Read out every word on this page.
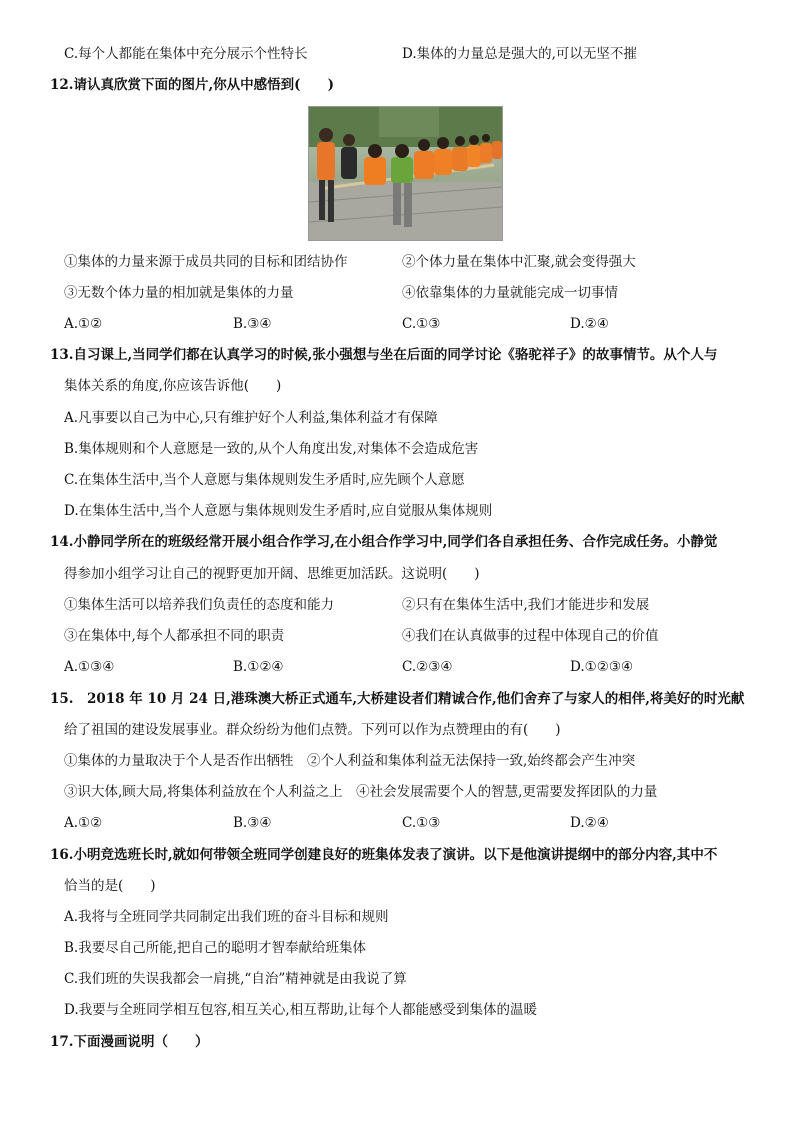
C.每个人都能在集体中充分展示个性特长	D.集体的力量总是强大的,可以无坚不摧
12.请认真欣赏下面的图片,你从中感悟到(　　)
①集体的力量来源于成员共同的目标和团结协作	②个体力量在集体中汇聚,就会变得强大
③无数个体力量的相加就是集体的力量	④依靠集体的力量就能完成一切事情
A.①②	B.③④	C.①③	D.②④
13.自习课上,当同学们都在认真学习的时候,张小强想与坐在后面的同学讨论《骆驼祥子》的故事情节。从个人与
集体关系的角度,你应该告诉他(　　)
A.凡事要以自己为中心,只有维护好个人利益,集体利益才有保障
B.集体规则和个人意愿是一致的,从个人角度出发,对集体不会造成危害
C.在集体生活中,当个人意愿与集体规则发生矛盾时,应先顾个人意愿
D.在集体生活中,当个人意愿与集体规则发生矛盾时,应自觉服从集体规则
14.小静同学所在的班级经常开展小组合作学习,在小组合作学习中,同学们各自承担任务、合作完成任务。小静觉
得参加小组学习让自己的视野更加开阔、思维更加活跃。这说明(　　)
①集体生活可以培养我们负责任的态度和能力	②只有在集体生活中,我们才能进步和发展
③在集体中,每个人都承担不同的职责	④我们在认真做事的过程中体现自己的价值
A.①③④	B.①②④	C.②③④	D.①②③④
15.　2018 年 10 月 24 日,港珠澳大桥正式通车,大桥建设者们精诚合作,他们舍弃了与家人的相伴,将美好的时光献
给了祖国的建设发展事业。群众纷纷为他们点赞。下列可以作为点赞理由的有(　　)
①集体的力量取决于个人是否作出牺牲　②个人利益和集体利益无法保持一致,始终都会产生冲突
③识大体,顾大局,将集体利益放在个人利益之上　④社会发展需要个人的智慧,更需要发挥团队的力量
A.①②	B.③④	C.①③	D.②④
16.小明竞选班长时,就如何带领全班同学创建良好的班集体发表了演讲。以下是他演讲提纲中的部分内容,其中不
恰当的是(　　)
A.我将与全班同学共同制定出我们班的奋斗目标和规则
B.我要尽自己所能,把自己的聪明才智奉献给班集体
C.我们班的失误我都会一肩挑,“自治”精神就是由我说了算
D.我要与全班同学相互包容,相互关心,相互帮助,让每个人都能感受到集体的温暖
17.下面漫画说明（　　）
